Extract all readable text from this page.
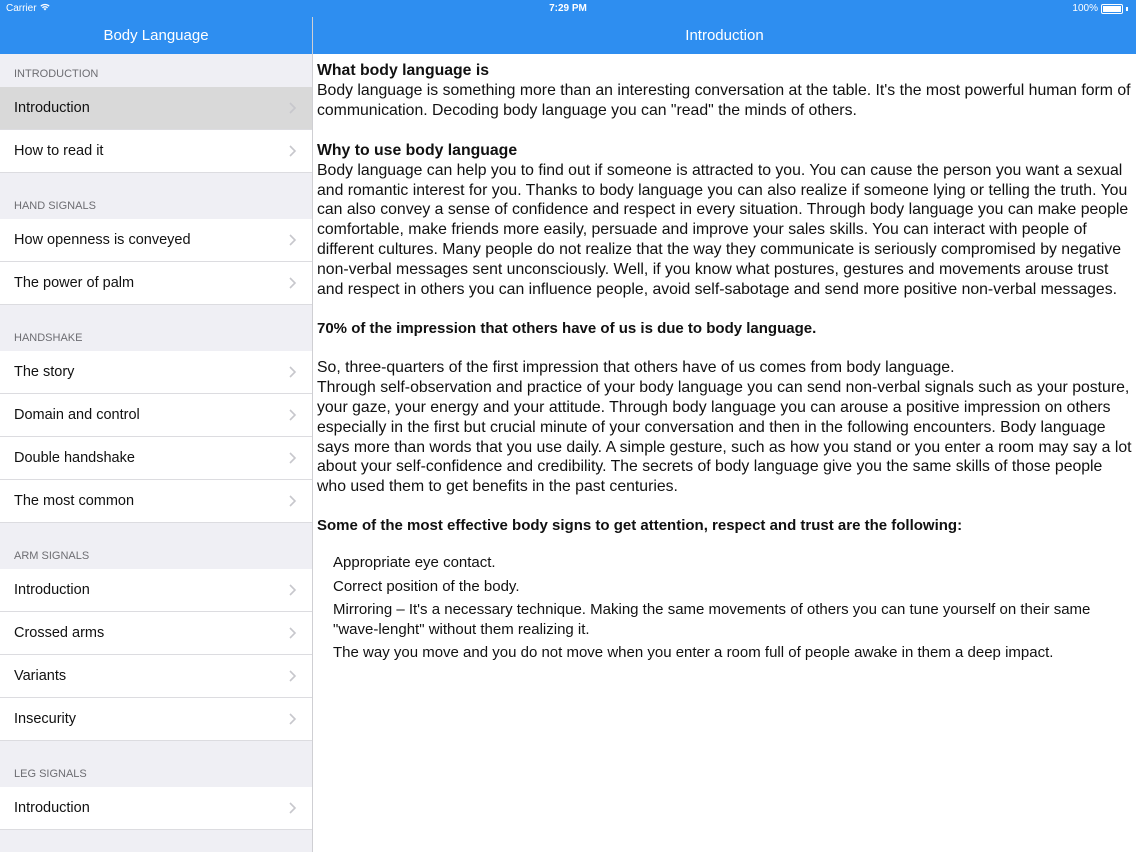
Carrier	7:29 PM	100%
Body Language	Introduction
INTRODUCTION
Introduction
How to read it
HAND SIGNALS
How openness is conveyed
The power of palm
HANDSHAKE
The story
Domain and control
Double handshake
The most common
ARM SIGNALS
Introduction
Crossed arms
Variants
Insecurity
LEG SIGNALS
Introduction
What body language is

Body language is something more than an interesting conversation at the table. It's the most powerful human form of communication. Decoding body language you can "read" the minds of others.

Why to use body language

Body language can help you to find out if someone is attracted to you. You can cause the person you want a sexual and romantic interest for you. Thanks to body language you can also realize if someone lying or telling the truth. You can also convey a sense of confidence and respect in every situation. Through body language you can make people comfortable, make friends more easily, persuade and improve your sales skills. You can interact with people of different cultures. Many people do not realize that the way they communicate is seriously compromised by negative non-verbal messages sent unconsciously. Well, if you know what postures, gestures and movements arouse trust and respect in others you can influence people, avoid self-sabotage and send more positive non-verbal messages.

70% of the impression that others have of us is due to body language.

So, three-quarters of the first impression that others have of us comes from body language.

Through self-observation and practice of your body language you can send non-verbal signals such as your posture, your gaze, your energy and your attitude. Through body language you can arouse a positive impression on others especially in the first but crucial minute of your conversation and then in the following encounters. Body language says more than words that you use daily. A simple gesture, such as how you stand or you enter a room may say a lot about your self-confidence and credibility. The secrets of body language give you the same skills of those people who used them to get benefits in the past centuries.

Some of the most effective body signs to get attention, respect and trust are the following:

Appropriate eye contact.
Correct position of the body.
Mirroring – It's a necessary technique. Making the same movements of others you can tune yourself on their same "wave-lenght" without them realizing it.
The way you move and you do not move when you enter a room full of people awake in them a deep impact.
